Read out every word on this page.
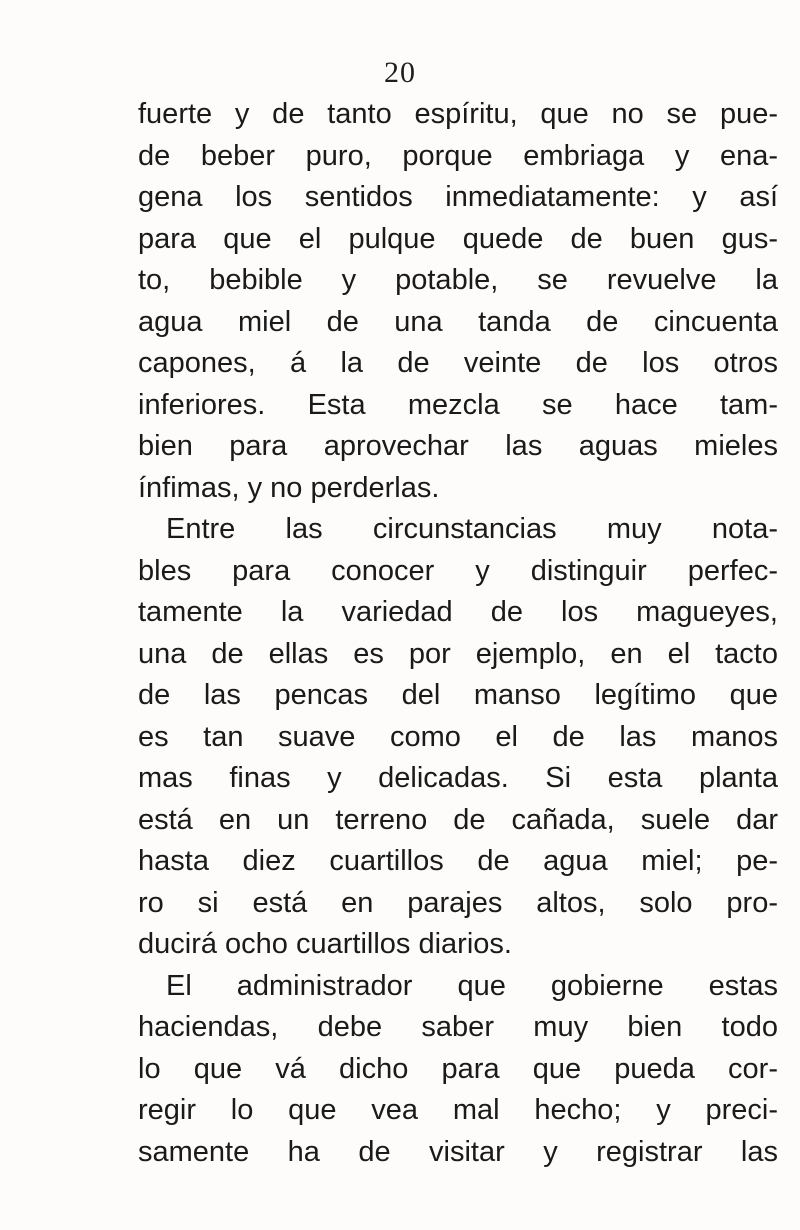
20
fuerte y de tanto espíritu, que no se pue-
de beber puro, porque embriaga y ena-
gena los sentidos inmediatamente: y así
para que el pulque quede de buen gus-
to, bebible y potable, se revuelve la
agua miel de una tanda de cincuenta
capones, á la de veinte de los otros
inferiores. Esta mezcla se hace tam-
bien para aprovechar las aguas mieles
ínfimas, y no perderlas.
Entre las circunstancias muy nota-
bles para conocer y distinguir perfec-
tamente la variedad de los magueyes,
una de ellas es por ejemplo, en el tacto
de las pencas del manso legítimo que
es tan suave como el de las manos
mas finas y delicadas. Si esta planta
está en un terreno de cañada, suele dar
hasta diez cuartillos de agua miel; pe-
ro si está en parajes altos, solo pro-
ducirá ocho cuartillos diarios.
El administrador que gobierne estas
haciendas, debe saber muy bien todo
lo que vá dicho para que pueda cor-
regir lo que vea mal hecho; y preci-
samente ha de visitar y registrar las
